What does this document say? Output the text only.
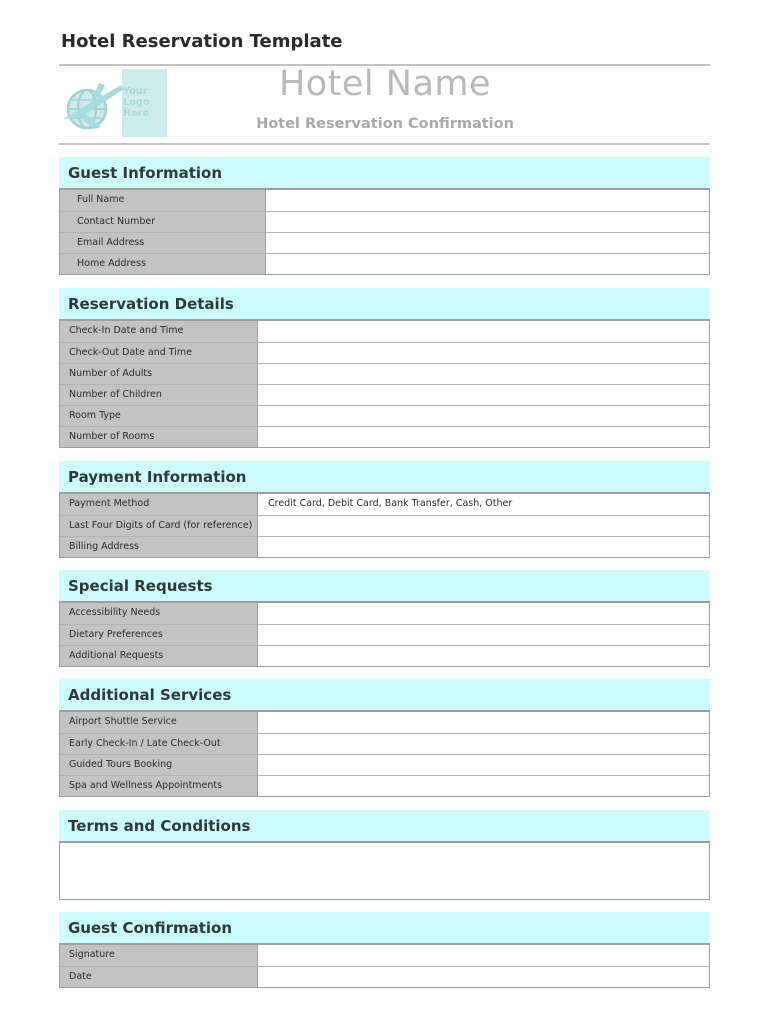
Hotel Reservation Template
Your
Logo
Here
Hotel Name
Hotel Reservation Confirmation
Guest Information
Full Name
Contact Number
Email Address
Home Address
Reservation Details
Check-In Date and Time
Check-Out Date and Time
Number of Adults
Number of Children
Room Type
Number of Rooms
Payment Information
Payment Method	Credit Card, Debit Card, Bank Transfer, Cash, Other
Last Four Digits of Card (for reference)
Billing Address
Special Requests
Accessibility Needs
Dietary Preferences
Additional Requests
Additional Services
Airport Shuttle Service
Early Check-In / Late Check-Out
Guided Tours Booking
Spa and Wellness Appointments
Terms and Conditions
Guest Confirmation
Signature
Date
